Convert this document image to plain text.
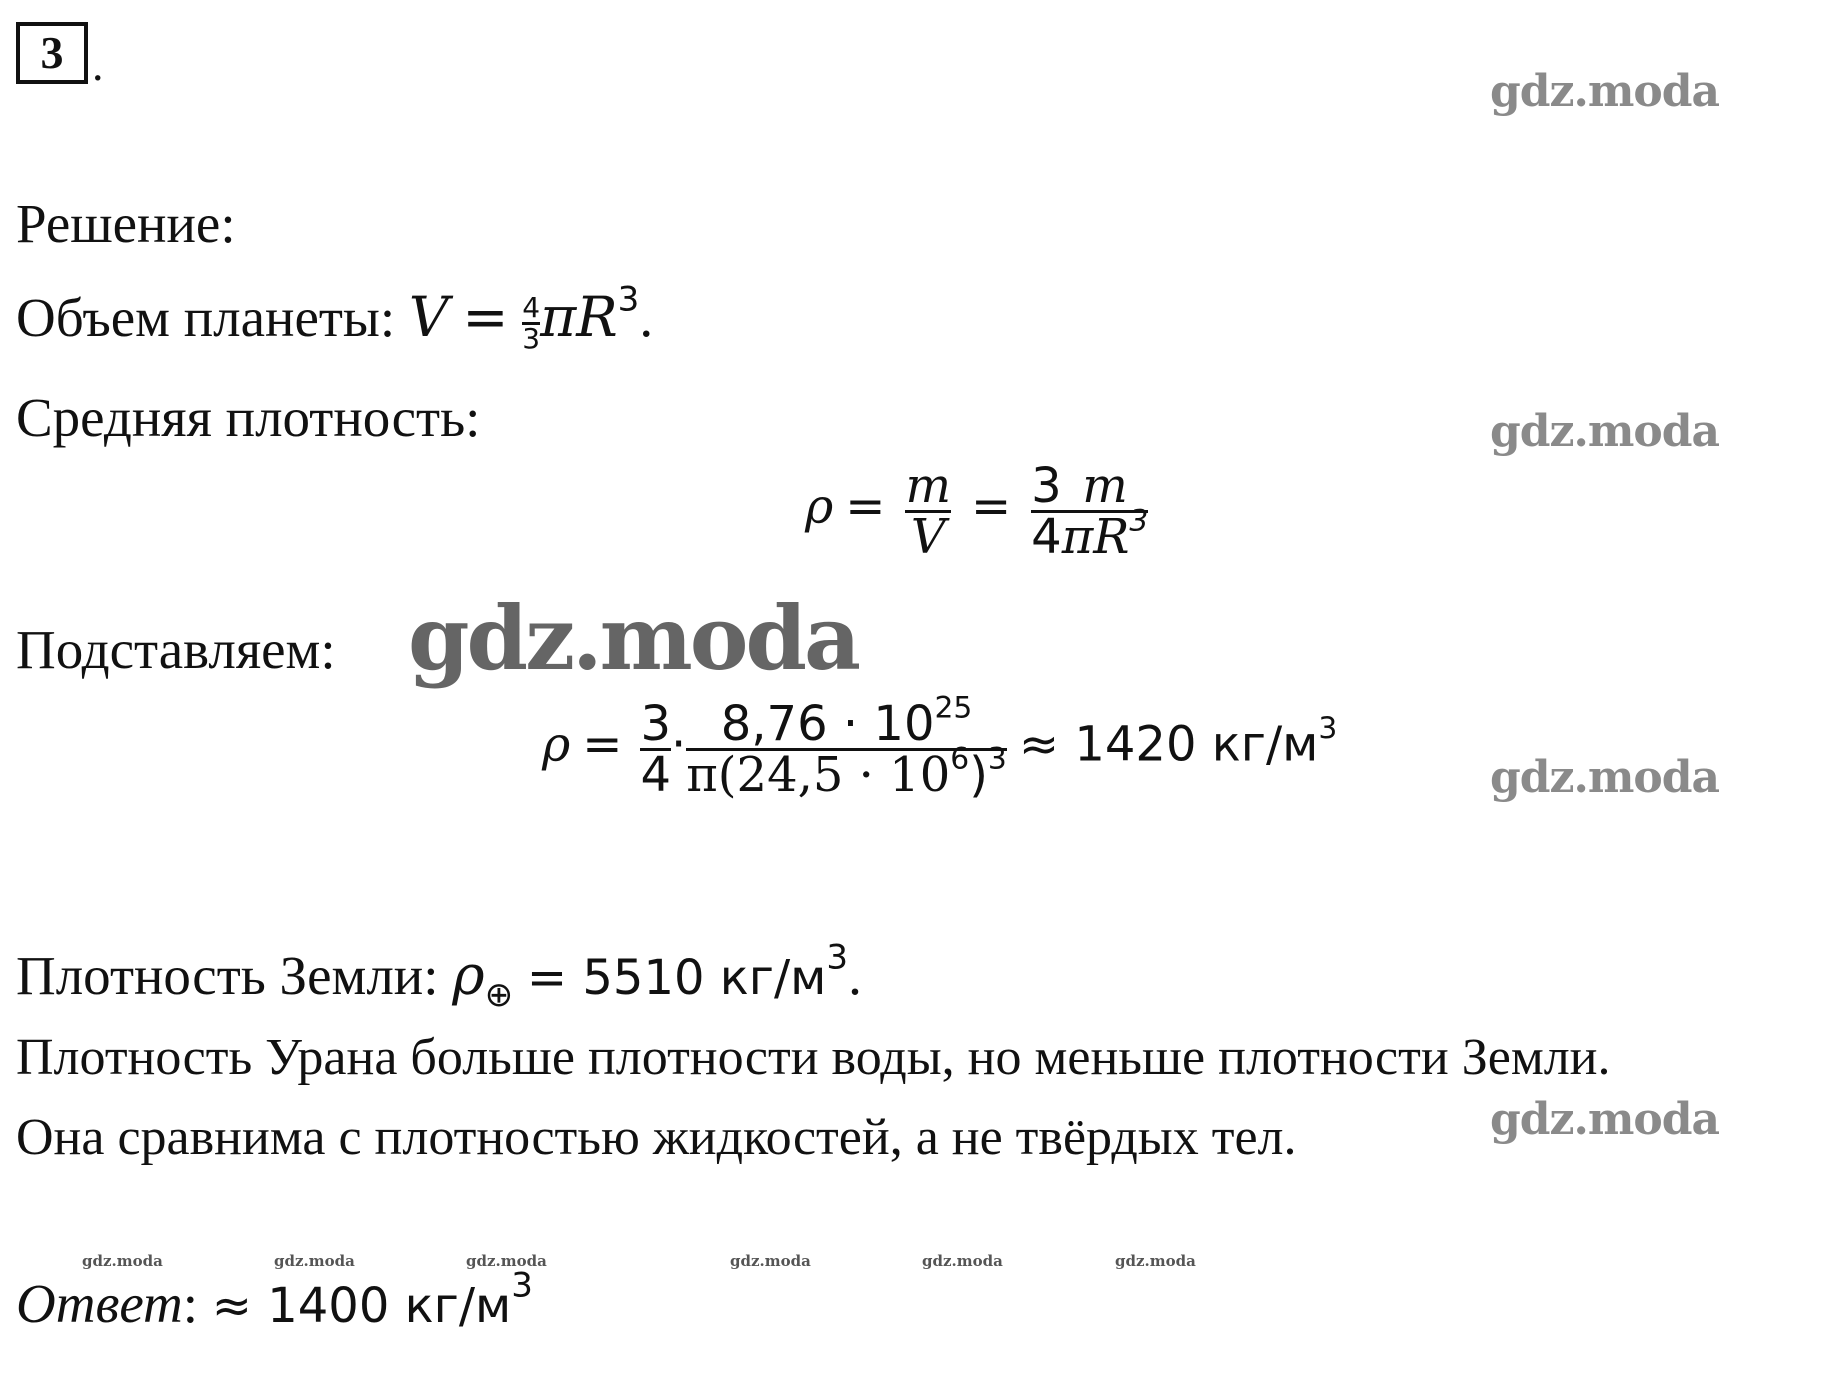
3 .
gdz.moda
gdz.moda
gdz.moda
gdz.moda
gdz.moda
gdz.moda	gdz.moda	gdz.moda	gdz.moda	gdz.moda	gdz.moda
Решение:
Объем планеты: $V = \frac{4}{3} \pi R^3$.
Средняя плотность:
$\rho = \frac{m}{V} = \frac{3}{4} \frac{m}{\pi R^3}$
Подставляем:
$\rho = \frac{3}{4} \cdot \frac{8,76 \cdot 10^{25}}{\pi(24,5 \cdot 10^6)^3} \approx 1420$ $кг/м^3$
Плотность Земли: $\rho_\oplus = 5510$ $кг/м^3$.
Плотность Урана больше плотности воды, но меньше плотности Земли.
Она сравнима с плотностью жидкостей, а не твёрдых тел.
Ответ: ≈ 1400 $кг/м^3$
